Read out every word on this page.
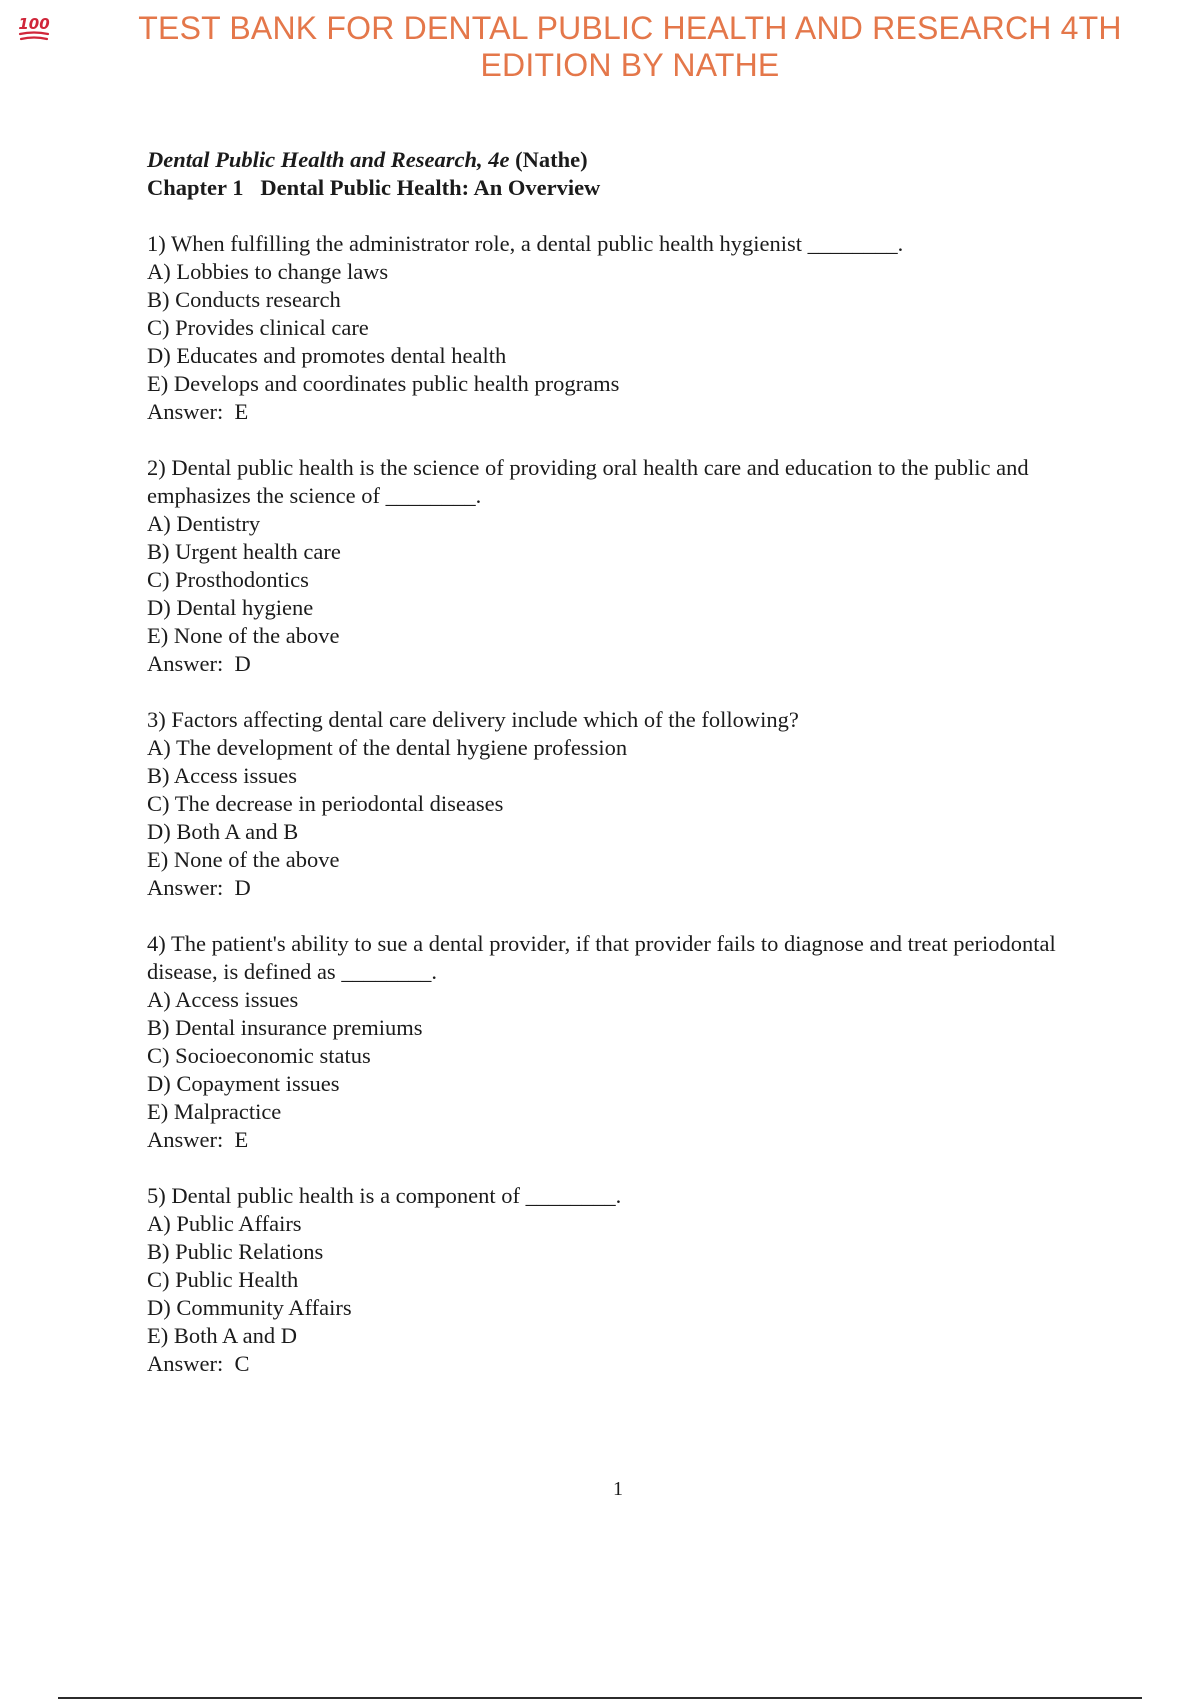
100	TEST BANK FOR DENTAL PUBLIC HEALTH AND RESEARCH 4TH EDITION BY NATHE
Dental Public Health and Research, 4e (Nathe)
Chapter 1   Dental Public Health: An Overview
1) When fulfilling the administrator role, a dental public health hygienist ________.
A) Lobbies to change laws
B) Conducts research
C) Provides clinical care
D) Educates and promotes dental health
E) Develops and coordinates public health programs
Answer:  E
2) Dental public health is the science of providing oral health care and education to the public and emphasizes the science of ________.
A) Dentistry
B) Urgent health care
C) Prosthodontics
D) Dental hygiene
E) None of the above
Answer:  D
3) Factors affecting dental care delivery include which of the following?
A) The development of the dental hygiene profession
B) Access issues
C) The decrease in periodontal diseases
D) Both A and B
E) None of the above
Answer:  D
4) The patient's ability to sue a dental provider, if that provider fails to diagnose and treat periodontal disease, is defined as ________.
A) Access issues
B) Dental insurance premiums
C) Socioeconomic status
D) Copayment issues
E) Malpractice
Answer:  E
5) Dental public health is a component of ________.
A) Public Affairs
B) Public Relations
C) Public Health
D) Community Affairs
E) Both A and D
Answer:  C
1
